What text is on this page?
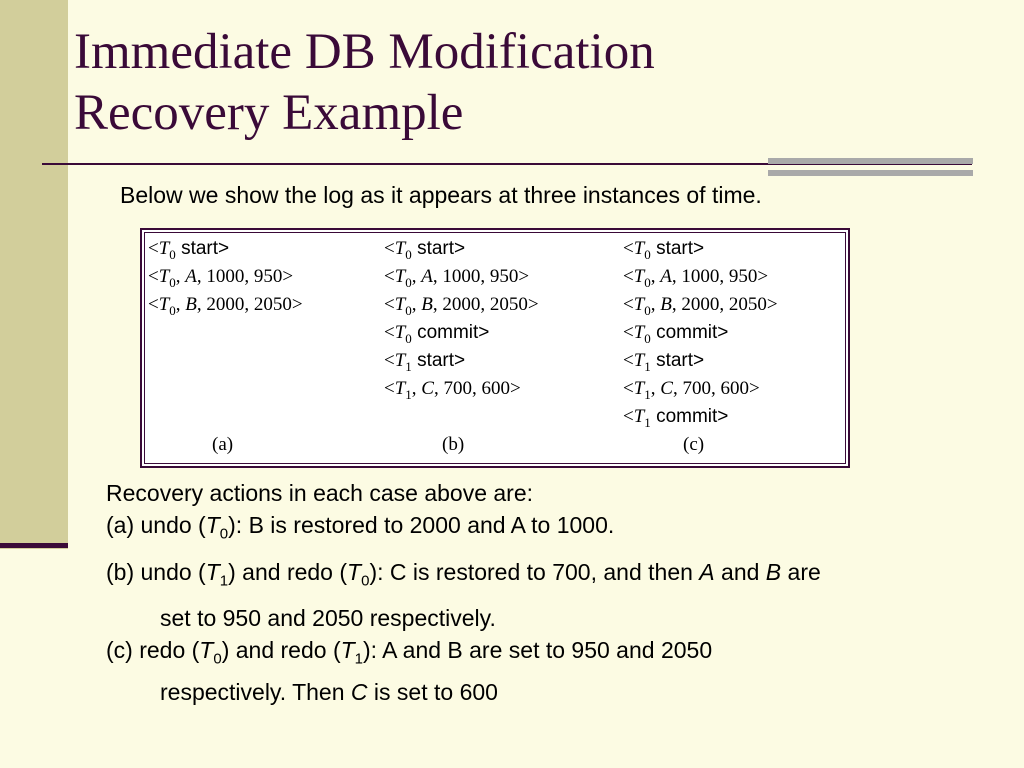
Immediate DB Modification
Recovery Example
Below we show the log as it appears at three instances of time.
$<T_0$ start>
$<T_0$, A, 1000, 950>
$<T_0$, B, 2000, 2050>
$<T_0$ start>
$<T_0$, A, 1000, 950>
$<T_0$, B, 2000, 2050>
$<T_0$ commit>
$<T_1$ start>
$<T_1$, C, 700, 600>
$<T_0$ start>
$<T_0$, A, 1000, 950>
$<T_0$, B, 2000, 2050>
$<T_0$ commit>
$<T_1$ start>
$<T_1$, C, 700, 600>
$<T_1$ commit>
(a)	(b)	(c)
Recovery actions in each case above are:
(a) undo $(T_0)$: B is restored to 2000 and A to 1000.
(b) undo $(T_1)$ and redo $(T_0)$: C is restored to 700, and then A and B are
set to 950 and 2050 respectively.
(c) redo $(T_0)$ and redo $(T_1)$: A and B are set to 950 and 2050
respectively. Then C is set to 600
